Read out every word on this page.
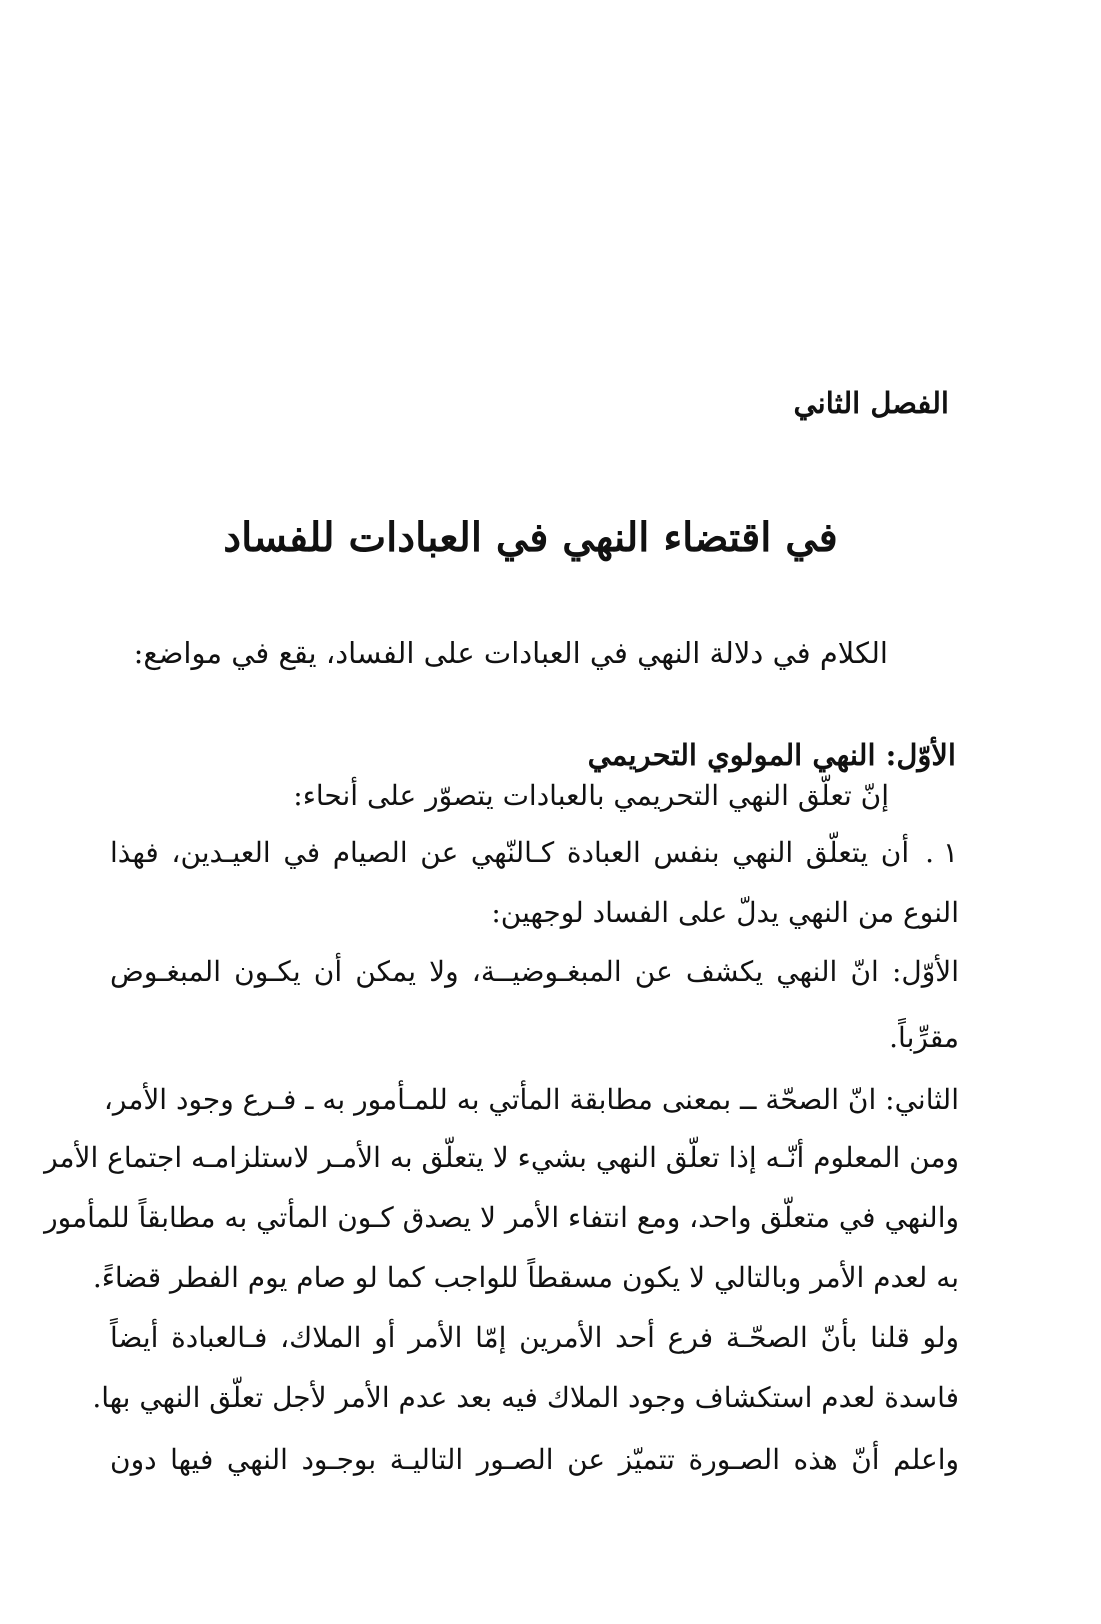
الفصل الثاني
في اقتضاء النهي في العبادات للفساد
الكلام في دلالة النهي في العبادات على الفساد، يقع في مواضع:
الأوّل: النهي المولوي التحريمي
إنّ تعلّق النهي التحريمي بالعبادات يتصوّر على أنحاء:
١ .أن يتعلّق النهي بنفس العبادة كـالنّهي عن الصيام في العيـدين، فهذا
النوع من النهي يدلّ على الفساد لوجهين:
الأوّل: انّ النهي يكشف عن المبغـوضيــة، ولا يمكن أن يكـون المبغـوض
مقرِّباً.
الثاني: انّ الصحّة ــ بمعنى مطابقة المأتي به للمـأمور به ـ فـرع وجود الأمر،
ومن المعلوم أنّـه إذا تعلّق النهي بشيء لا يتعلّق به الأمـر لاستلزامـه اجتماع الأمر
والنهي في متعلّق واحد، ومع انتفاء الأمر لا يصدق كـون المأتي به مطابقاً للمأمور
به لعدم الأمر وبالتالي لا يكون مسقطاً للواجب كما لو صام يوم الفطر قضاءً.
ولو قلنا بأنّ الصحّـة فرع أحد الأمرين إمّا الأمر أو الملاك، فـالعبادة أيضاً
فاسدة لعدم استكشاف وجود الملاك فيه بعد عدم الأمر لأجل تعلّق النهي بها.
واعلم أنّ هذه الصـورة تتميّز عن الصـور التاليـة بوجـود النهي فيها دون
